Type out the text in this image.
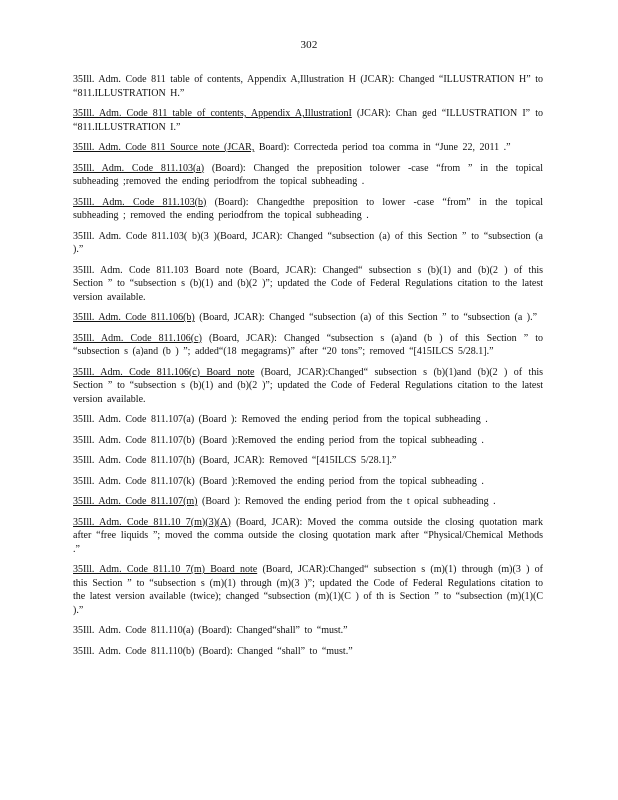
302
35Ill. Adm. Code 811 table of contents, Appendix A,Illustration H (JCAR): Changed “ILLUSTRATION H” to “811.ILLUSTRATION H.”
35Ill. Adm. Code 811 table of contents, Appendix A,IllustrationI (JCAR): Chan ged “ILLUSTRATION I” to “811.ILLUSTRATION I.”
35Ill. Adm. Code 811 Source note (JCAR, Board): Correcteda period toa comma in “June 22, 2011 .”
35Ill. Adm. Code 811.103(a) (Board): Changed the preposition tolower -case “from ” in the topical subheading ;removed the ending periodfrom the topical subheading .
35Ill. Adm. Code 811.103(b) (Board): Changedthe preposition to lower -case “from” in the topical subheading ; removed the ending periodfrom the topical subheading .
35Ill. Adm. Code 811.103( b)(3 )(Board, JCAR): Changed “subsection (a) of this Section ” to “subsection (a ).”
35Ill. Adm. Code 811.103 Board note (Board, JCAR): Changed“ subsection s (b)(1) and (b)(2 ) of this Section ” to “subsection s (b)(1) and (b)(2 )”; updated the Code of Federal Regulations citation to the latest version available.
35Ill. Adm. Code 811.106(b) (Board, JCAR): Changed “subsection (a) of this Section ” to “subsection (a ).”
35Ill. Adm. Code 811.106(c) (Board, JCAR): Changed “subsection s (a)and (b ) of this Section ” to “subsection s (a)and (b ) ”; added“(18 megagrams)” after “20 tons”; removed “[415ILCS 5/28.1].”
35Ill. Adm. Code 811.106(c) Board note (Board, JCAR):Changed“ subsection s (b)(1)and (b)(2 ) of this Section ” to “subsection s (b)(1) and (b)(2 )”; updated the Code of Federal Regulations citation to the latest version available.
35Ill. Adm. Code 811.107(a) (Board ): Removed the ending period from the topical subheading .
35Ill. Adm. Code 811.107(b) (Board ):Removed the ending period from the topical subheading .
35Ill. Adm. Code 811.107(h) (Board, JCAR): Removed “[415ILCS 5/28.1].”
35Ill. Adm. Code 811.107(k) (Board ):Removed the ending period from the topical subheading .
35Ill. Adm. Code 811.107(m) (Board ): Removed the ending period from the t opical subheading .
35Ill. Adm. Code 811.10 7(m)(3)(A) (Board, JCAR): Moved the comma outside the closing quotation mark after “free liquids ”; moved the comma outside the closing quotation mark after “Physical/Chemical Methods .”
35Ill. Adm. Code 811.10 7(m) Board note (Board, JCAR):Changed“ subsection s (m)(1) through (m)(3 ) of this Section ” to “subsection s (m)(1) through (m)(3 )”; updated the Code of Federal Regulations citation to the latest version available (twice); changed “subsection (m)(1)(C ) of th is Section ” to “subsection (m)(1)(C ).”
35Ill. Adm. Code 811.110(a) (Board): Changed“shall” to “must.”
35Ill. Adm. Code 811.110(b) (Board): Changed “shall” to “must.”
